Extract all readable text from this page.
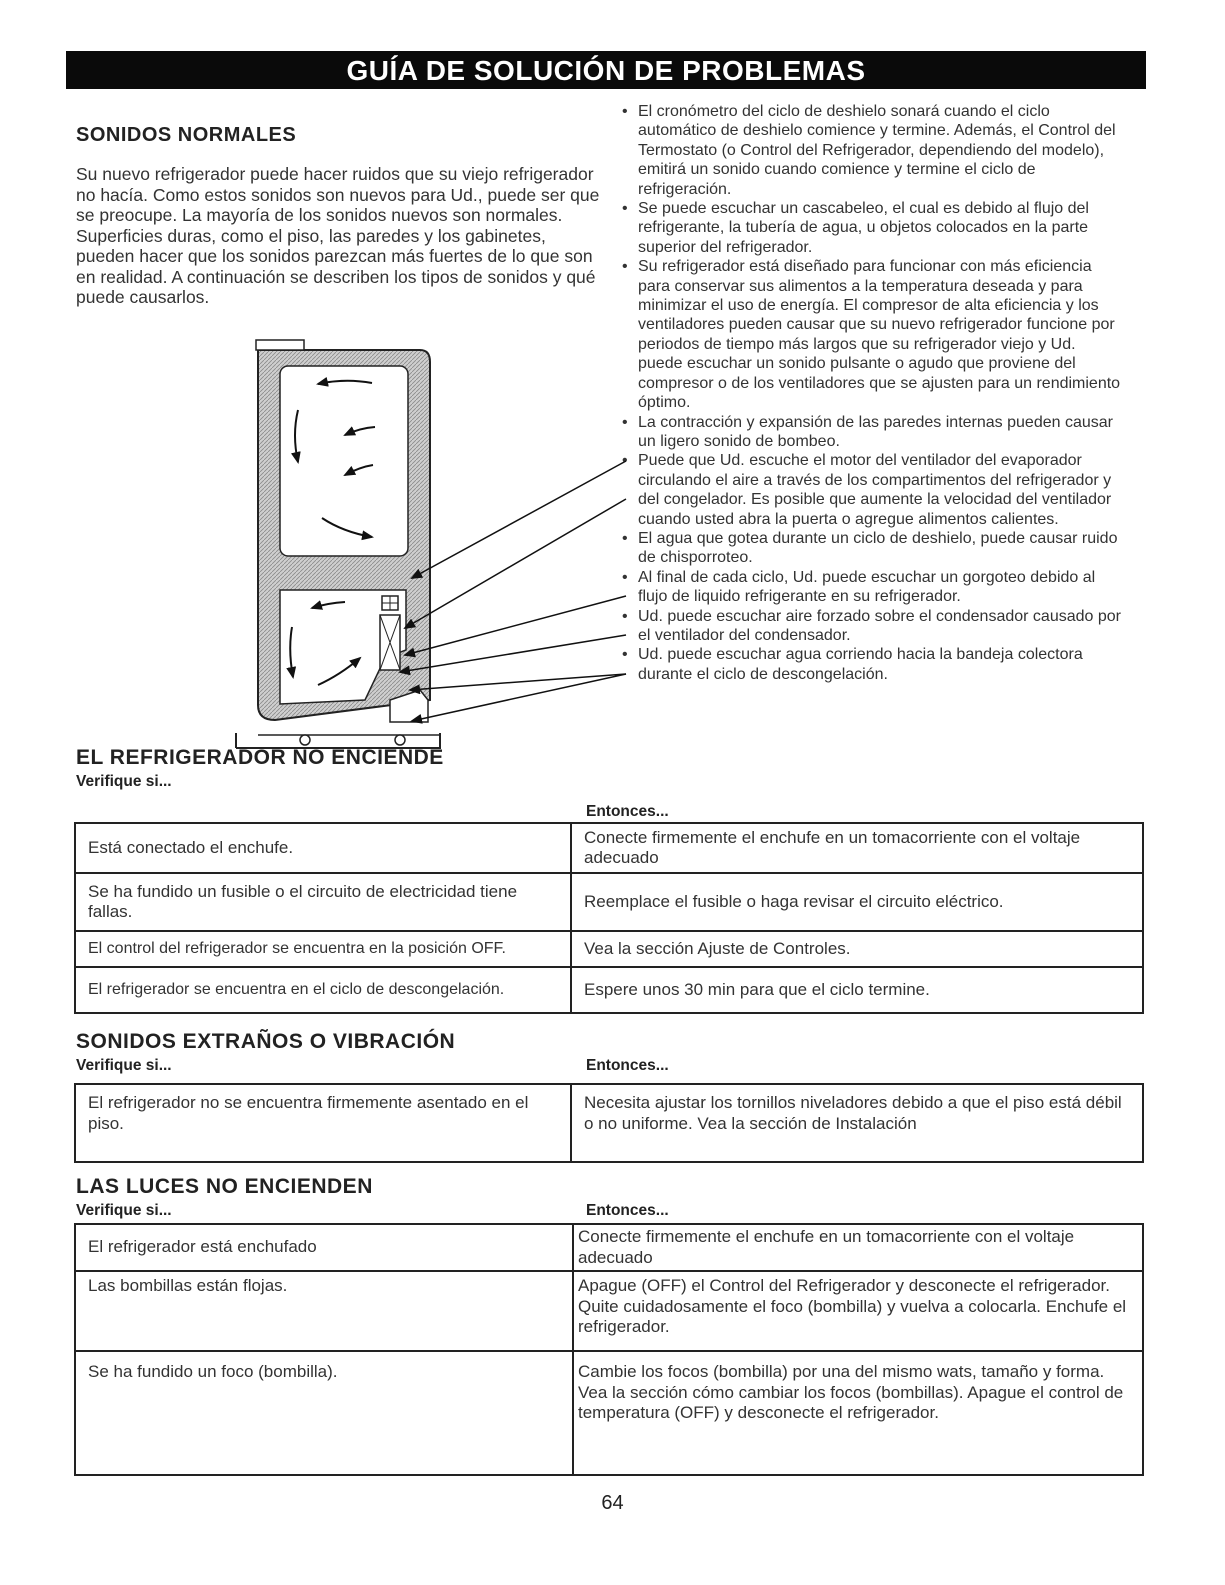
GUÍA DE SOLUCIÓN DE PROBLEMAS
SONIDOS NORMALES

Su nuevo refrigerador puede hacer ruidos que su viejo refrigerador no hacía. Como estos sonidos son nuevos para Ud., puede ser que se preocupe. La mayoría de los sonidos nuevos son normales. Superficies duras, como el piso, las paredes y los gabinetes, pueden hacer que los sonidos parezcan más fuertes de lo que son en realidad. A continuación se describen los tipos de sonidos y qué puede causarlos.

• El cronómetro del ciclo de deshielo sonará cuando el ciclo automático de deshielo comience y termine. Además, el Control del Termostato (o Control del Refrigerador, dependiendo del modelo), emitirá un sonido cuando comience y termine el ciclo de refrigeración.
• Se puede escuchar un cascabeleo, el cual es debido al flujo del refrigerante, la tubería de agua, u objetos colocados en la parte superior del refrigerador.
• Su refrigerador está diseñado para funcionar con más eficiencia para conservar sus alimentos a la temperatura deseada y para minimizar el uso de energía. El compresor de alta eficiencia y los ventiladores pueden causar que su nuevo refrigerador funcione por periodos de tiempo más largos que su refrigerador viejo y Ud. puede escuchar un sonido pulsante o agudo que proviene del compresor o de los ventiladores que se ajusten para un rendimiento óptimo.
• La contracción y expansión de las paredes internas pueden causar un ligero sonido de bombeo.
• Puede que Ud. escuche el motor del ventilador del evaporador circulando el aire a través de los compartimentos del refrigerador y del congelador. Es posible que aumente la velocidad del ventilador cuando usted abra la puerta o agregue alimentos calientes.
• El agua que gotea durante un ciclo de deshielo, puede causar ruido de chisporroteo.
• Al final de cada ciclo, Ud. puede escuchar un gorgoteo debido al flujo de liquido refrigerante en su refrigerador.
• Ud. puede escuchar aire forzado sobre el condensador causado por el ventilador del condensador.
• Ud. puede escuchar agua corriendo hacia la bandeja colectora durante el ciclo de descongelación.
EL REFRIGERADOR NO ENCIENDE
Verifique si...
Entonces...
Está conectado el enchufe.	Conecte firmemente el enchufe en un tomacorriente con el voltaje adecuado
Se ha fundido un fusible o el circuito de electricidad tiene fallas.	Reemplace el fusible o haga revisar el circuito eléctrico.
El control del refrigerador se encuentra en la posición OFF.	Vea la sección Ajuste de Controles.
El refrigerador se encuentra en el ciclo de descongelación.	Espere unos 30 min para que el ciclo termine.
SONIDOS EXTRAÑOS O VIBRACIÓN
Verifique si...	Entonces...
El refrigerador no se encuentra firmemente asentado en el piso.	Necesita ajustar los tornillos niveladores debido a que el piso está débil o no uniforme. Vea la sección de Instalación
LAS LUCES NO ENCIENDEN
Verifique si...	Entonces...
El refrigerador está enchufado	Conecte firmemente el enchufe en un tomacorriente con el voltaje adecuado
Las bombillas están flojas.	Apague (OFF) el Control del Refrigerador y desconecte el refrigerador. Quite cuidadosamente el foco (bombilla) y vuelva a colocarla. Enchufe el refrigerador.
Se ha fundido un foco (bombilla).	Cambie los focos (bombilla) por una del mismo wats, tamaño y forma. Vea la sección cómo cambiar los focos (bombillas). Apague el control de temperatura (OFF) y desconecte el refrigerador.
64
